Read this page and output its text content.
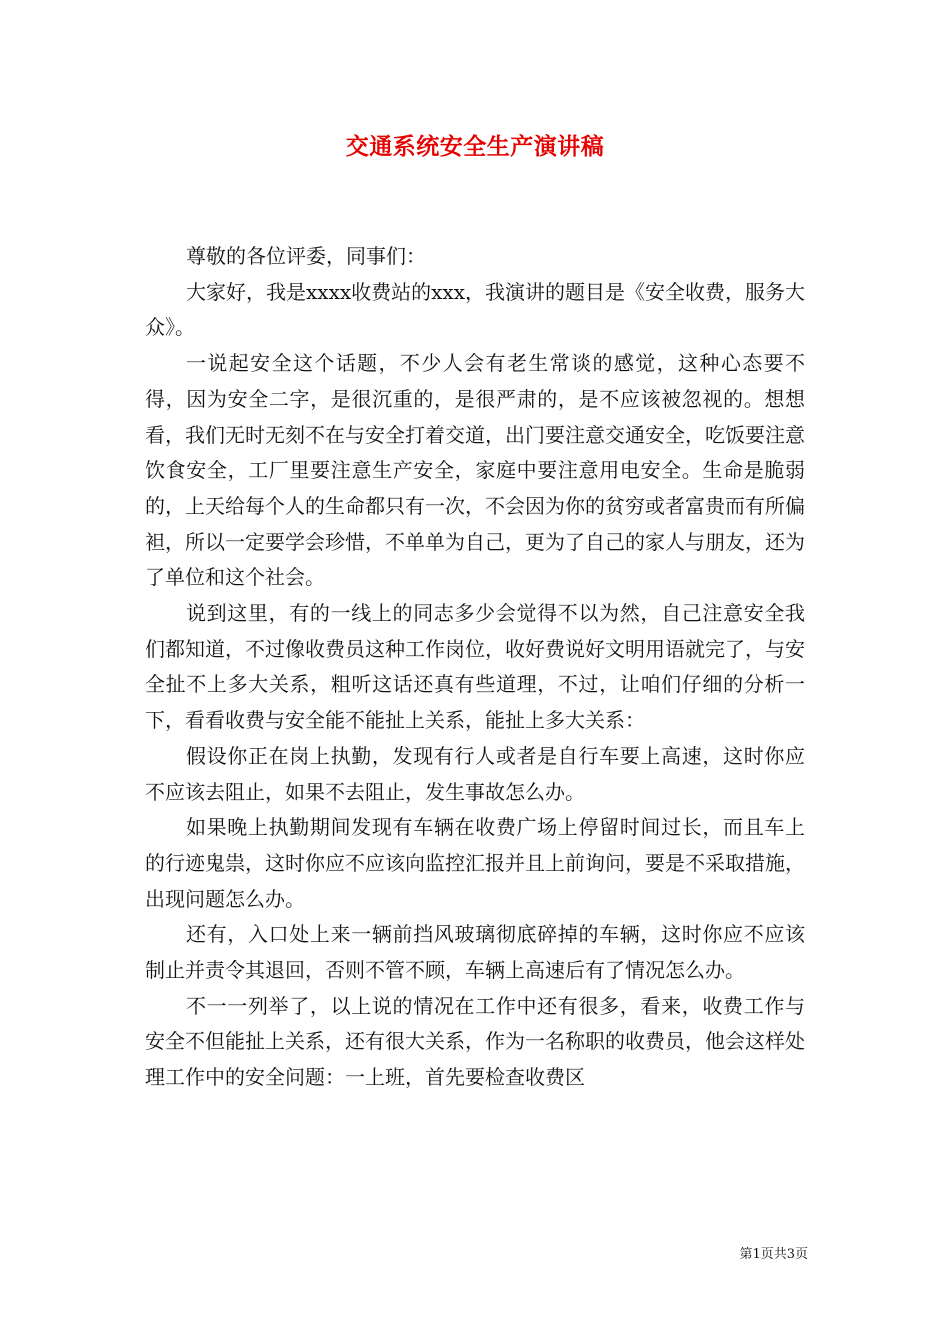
交通系统安全生产演讲稿

尊敬的各位评委，同事们：

大家好，我是xxxx收费站的xxx，我演讲的题目是《安全收费，服务大众》。

一说起安全这个话题，不少人会有老生常谈的感觉，这种心态要不得，因为安全二字，是很沉重的，是很严肃的，是不应该被忽视的。想想看，我们无时无刻不在与安全打着交道，出门要注意交通安全，吃饭要注意饮食安全，工厂里要注意生产安全，家庭中要注意用电安全。生命是脆弱的，上天给每个人的生命都只有一次，不会因为你的贫穷或者富贵而有所偏袒，所以一定要学会珍惜，不单单为自己，更为了自己的家人与朋友，还为了单位和这个社会。

说到这里，有的一线上的同志多少会觉得不以为然，自己注意安全我们都知道，不过像收费员这种工作岗位，收好费说好文明用语就完了，与安全扯不上多大关系，粗听这话还真有些道理，不过，让咱们仔细的分析一下，看看收费与安全能不能扯上关系，能扯上多大关系：

假设你正在岗上执勤，发现有行人或者是自行车要上高速，这时你应不应该去阻止，如果不去阻止，发生事故怎么办。

如果晚上执勤期间发现有车辆在收费广场上停留时间过长，而且车上的行迹鬼祟，这时你应不应该向监控汇报并且上前询问，要是不采取措施，出现问题怎么办。

还有，入口处上来一辆前挡风玻璃彻底碎掉的车辆，这时你应不应该制止并责令其退回，否则不管不顾，车辆上高速后有了情况怎么办。

不一一列举了，以上说的情况在工作中还有很多，看来，收费工作与安全不但能扯上关系，还有很大关系，作为一名称职的收费员，他会这样处理工作中的安全问题：一上班，首先要检查收费区

第1页共3页
